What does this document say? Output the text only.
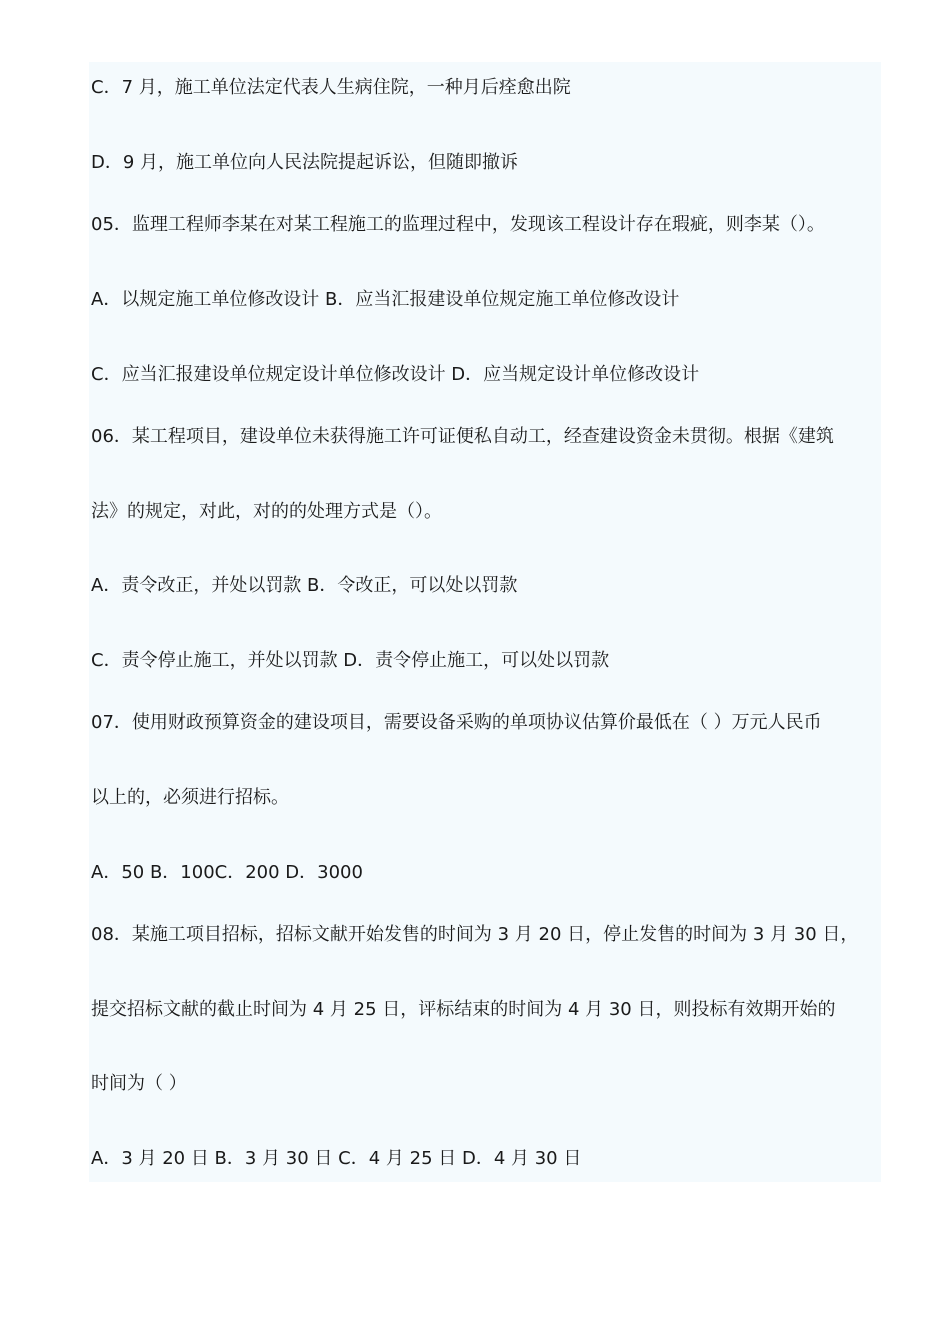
C．7 月，施工单位法定代表人生病住院，一种月后痊愈出院
D．9 月，施工单位向人民法院提起诉讼，但随即撤诉
05．监理工程师李某在对某工程施工的监理过程中，发现该工程设计存在瑕疵，则李某（）。
A．以规定施工单位修改设计 B．应当汇报建设单位规定施工单位修改设计
C．应当汇报建设单位规定设计单位修改设计 D．应当规定设计单位修改设计
06．某工程项目，建设单位未获得施工许可证便私自动工，经查建设资金未贯彻。根据《建筑
法》的规定，对此，对的的处理方式是（）。
A．责令改正，并处以罚款 B．令改正，可以处以罚款
C．责令停止施工，并处以罚款 D．责令停止施工，可以处以罚款
07．使用财政预算资金的建设项目，需要设备采购的单项协议估算价最低在（ ）万元人民币
以上的，必须进行招标。
A．50 B．100C．200 D．3000
08．某施工项目招标，招标文献开始发售的时间为 3 月 20 日，停止发售的时间为 3 月 30 日，
提交招标文献的截止时间为 4 月 25 日，评标结束的时间为 4 月 30 日，则投标有效期开始的
时间为（ ）
A．3 月 20 日 B．3 月 30 日 C．4 月 25 日 D．4 月 30 日
